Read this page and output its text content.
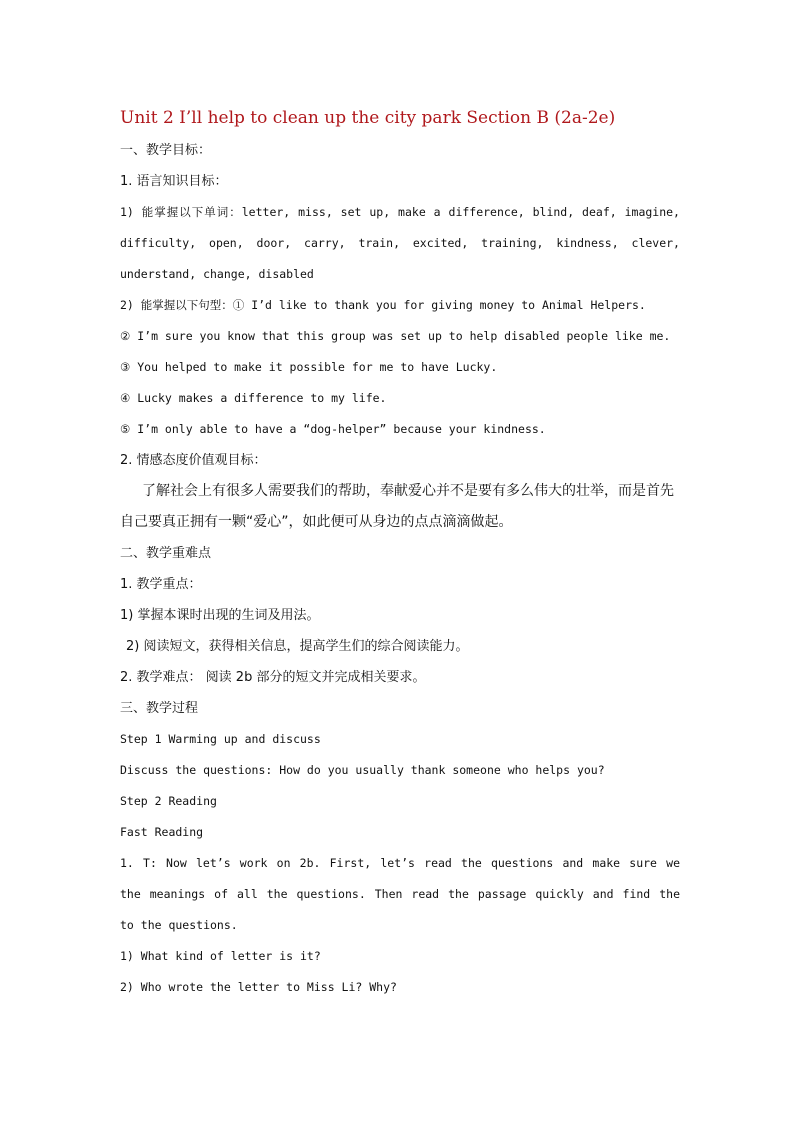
Unit 2 I’ll help to clean up the city park Section B (2a-2e)
一、教学目标：
1. 语言知识目标：
1) 能掌握以下单词：letter, miss, set up, make a difference, blind, deaf, imagine,
difficulty, open, door, carry, train, excited, training, kindness, clever,
understand, change, disabled
2) 能掌握以下句型：① I’d like to thank you for giving money to Animal Helpers.
② I’m sure you know that this group was set up to help disabled people like me.
③ You helped to make it possible for me to have Lucky.
④ Lucky makes a difference to my life.
⑤ I’m only able to have a “dog-helper” because your kindness.
2. 情感态度价值观目标：
了解社会上有很多人需要我们的帮助，奉献爱心并不是要有多么伟大的壮举，而是首先
自己要真正拥有一颗“爱心”，如此便可从身边的点点滴滴做起。
二、教学重难点
1. 教学重点：
1) 掌握本课时出现的生词及用法。
2) 阅读短文，获得相关信息，提高学生们的综合阅读能力。
2. 教学难点： 阅读 2b 部分的短文并完成相关要求。
三、教学过程
Step 1 Warming up and discuss
Discuss the questions: How do you usually thank someone who helps you?
Step 2 Reading
Fast Reading
1. T: Now let’s work on 2b. First, let’s read the questions and make sure we
the meanings of all the questions. Then read the passage quickly and find the
to the questions.
1) What kind of letter is it?
2) Who wrote the letter to Miss Li? Why?
